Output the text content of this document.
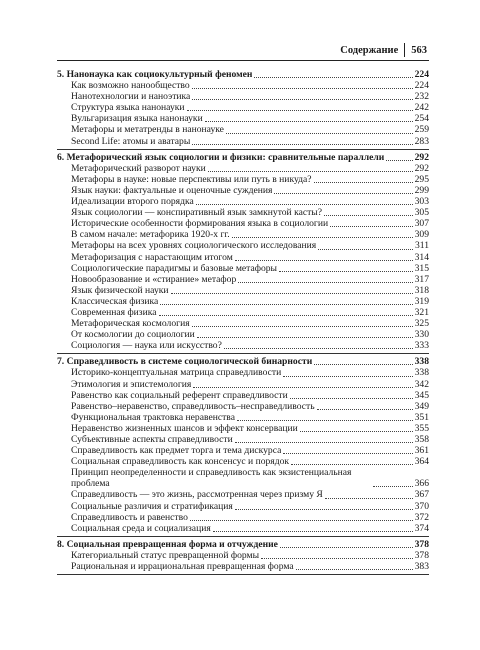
Содержание 563
5. Нанонаука как социокультурный феномен	224
Как возможно нанообщество	224
Нанотехнологии и наноэтика	232
Структура языка нанонауки	242
Вульгаризация языка нанонауки	254
Метафоры и метатренды в нанонауке	259
Second Life: атомы и аватары	283
6. Метафорический язык социологии и физики: сравнительные параллели	292
Метафорический разворот науки	292
Метафоры в науке: новые перспективы или путь в никуда?	295
Язык науки: фактуальные и оценочные суждения	299
Идеализации второго порядка	303
Язык социологии — конспиративный язык замкнутой касты?	305
Исторические особенности формирования языка в социологии	307
В самом начале: метафорика 1920-х гг.	309
Метафоры на всех уровнях социологического исследования	311
Метафоризация с нарастающим итогом	314
Социологические парадигмы и базовые метафоры	315
Новообразование и «стирание» метафор	317
Язык физической науки	318
Классическая физика	319
Современная физика	321
Метафорическая космология	325
От космологии до социологии	330
Социология — наука или искусство?	333
7. Справедливость в системе социологической бинарности	338
Историко-концептуальная матрица справедливости	338
Этимология и эпистемология	342
Равенство как социальный референт справедливости	345
Равенство–неравенство, справедливость–несправедливость	349
Функциональная трактовка неравенства	351
Неравенство жизненных шансов и эффект консервации	355
Субъективные аспекты справедливости	358
Справедливость как предмет торга и тема дискурса	361
Социальная справедливость как консенсус и порядок	364
Принцип неопределенности и справедливость как экзистенциальная проблема	366
Справедливость — это жизнь, рассмотренная через призму Я	367
Социальные различия и стратификация	370
Справедливость и равенство	372
Социальная среда и социализация	374
8. Социальная превращенная форма и отчуждение	378
Категориальный статус превращенной формы	378
Рациональная и иррациональная превращенная форма	383
